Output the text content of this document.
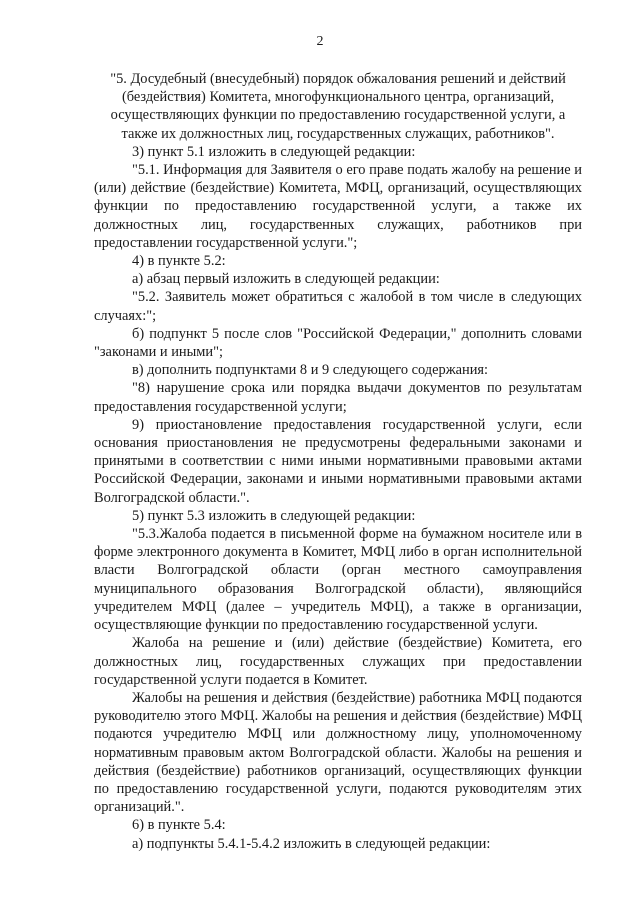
2

"5. Досудебный (внесудебный) порядок обжалования решений и действий (бездействия) Комитета, многофункционального центра, организаций, осуществляющих функции по предоставлению государственной услуги, а также их должностных лиц, государственных служащих, работников".

3) пункт 5.1 изложить в следующей редакции:

"5.1. Информация для Заявителя о его праве подать жалобу на решение и (или) действие (бездействие) Комитета, МФЦ, организаций, осуществляющих функции по предоставлению государственной услуги, а также их должностных лиц, государственных служащих, работников при предоставлении государственной услуги.";

4) в пункте 5.2:

а) абзац первый изложить в следующей редакции:

"5.2. Заявитель может обратиться с жалобой в том числе в следующих случаях:";

б) подпункт 5 после слов "Российской Федерации," дополнить словами "законами и иными";

в) дополнить подпунктами 8 и 9 следующего содержания:

"8) нарушение срока или порядка выдачи документов по результатам предоставления государственной услуги;

9) приостановление предоставления государственной услуги, если основания приостановления не предусмотрены федеральными законами и принятыми в соответствии с ними иными нормативными правовыми актами Российской Федерации, законами и иными нормативными правовыми актами Волгоградской области.".

5) пункт 5.3 изложить в следующей редакции:

"5.3.Жалоба подается в письменной форме на бумажном носителе или в форме электронного документа в Комитет, МФЦ либо в орган исполнительной власти Волгоградской области (орган местного самоуправления муниципального образования Волгоградской области), являющийся учредителем МФЦ (далее – учредитель МФЦ), а также в организации, осуществляющие функции по предоставлению государственной услуги.

Жалоба на решение и (или) действие (бездействие) Комитета, его должностных лиц, государственных служащих при предоставлении государственной услуги подается в Комитет.

Жалобы на решения и действия (бездействие) работника МФЦ подаются руководителю этого МФЦ. Жалобы на решения и действия (бездействие) МФЦ подаются учредителю МФЦ или должностному лицу, уполномоченному нормативным правовым актом Волгоградской области. Жалобы на решения и действия (бездействие) работников организаций, осуществляющих функции по предоставлению государственной услуги, подаются руководителям этих организаций.".

6) в пункте 5.4:

а) подпункты 5.4.1-5.4.2 изложить в следующей редакции:
